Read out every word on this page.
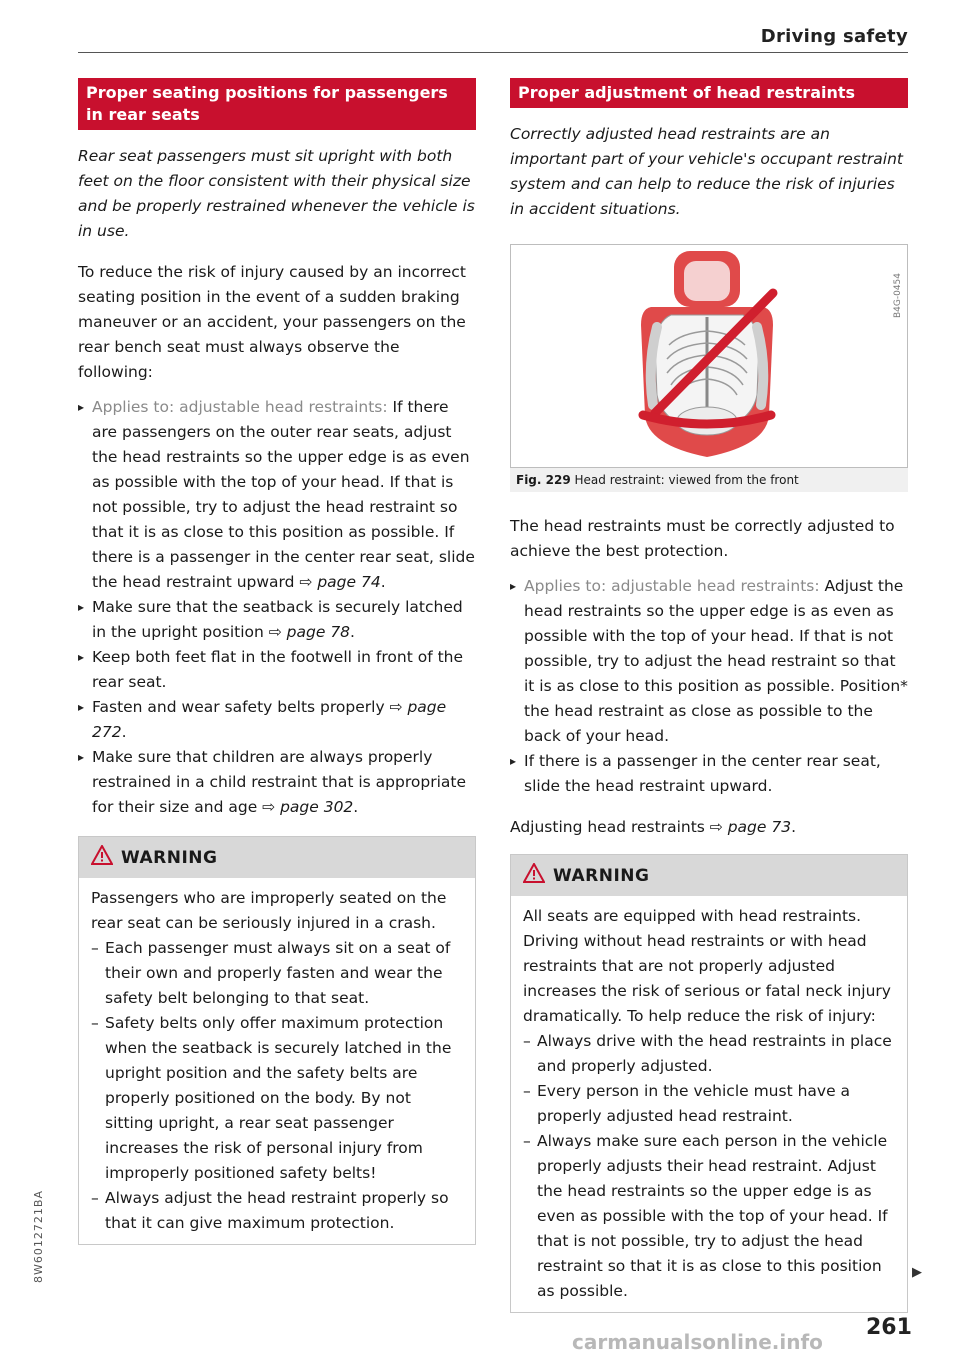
Driving safety
Proper seating positions for passengers in rear seats

Rear seat passengers must sit upright with both feet on the floor consistent with their physical size and be properly restrained whenever the vehicle is in use.

To reduce the risk of injury caused by an incorrect seating position in the event of a sudden braking maneuver or an accident, your passengers on the rear bench seat must always observe the following:

▸ Applies to: adjustable head restraints: If there are passengers on the outer rear seats, adjust the head restraints so the upper edge is as even as possible with the top of your head. If that is not possible, try to adjust the head restraint so that it is as close to this position as possible. If there is a passenger in the center rear seat, slide the head restraint upward ⇨ page 74.
▸ Make sure that the seatback is securely latched in the upright position ⇨ page 78.
▸ Keep both feet flat in the footwell in front of the rear seat.
▸ Fasten and wear safety belts properly ⇨ page 272.
▸ Make sure that children are always properly restrained in a child restraint that is appropriate for their size and age ⇨ page 302.
WARNING

Passengers who are improperly seated on the rear seat can be seriously injured in a crash.

– Each passenger must always sit on a seat of their own and properly fasten and wear the safety belt belonging to that seat.
– Safety belts only offer maximum protection when the seatback is securely latched in the upright position and the safety belts are properly positioned on the body. By not sitting upright, a rear seat passenger increases the risk of personal injury from improperly positioned safety belts!
– Always adjust the head restraint properly so that it can give maximum protection.
Proper adjustment of head restraints

Correctly adjusted head restraints are an important part of your vehicle's occupant restraint system and can help to reduce the risk of injuries in accident situations.

B4G-0454
Fig. 229 Head restraint: viewed from the front

The head restraints must be correctly adjusted to achieve the best protection.

▸ Applies to: adjustable head restraints: Adjust the head restraints so the upper edge is as even as possible with the top of your head. If that is not possible, try to adjust the head restraint so that it is as close to this position as possible. Position* the head restraint as close as possible to the back of your head.
▸ If there is a passenger in the center rear seat, slide the head restraint upward.

Adjusting head restraints ⇨ page 73.

WARNING

All seats are equipped with head restraints. Driving without head restraints or with head restraints that are not properly adjusted increases the risk of serious or fatal neck injury dramatically. To help reduce the risk of injury:

– Always drive with the head restraints in place and properly adjusted.
– Every person in the vehicle must have a properly adjusted head restraint.
– Always make sure each person in the vehicle properly adjusts their head restraint. Adjust the head restraints so the upper edge is as even as possible with the top of your head. If that is not possible, try to adjust the head restraint so that it is as close to this position as possible.
▶
261
8W6012721BA
carmanualsonline.info
